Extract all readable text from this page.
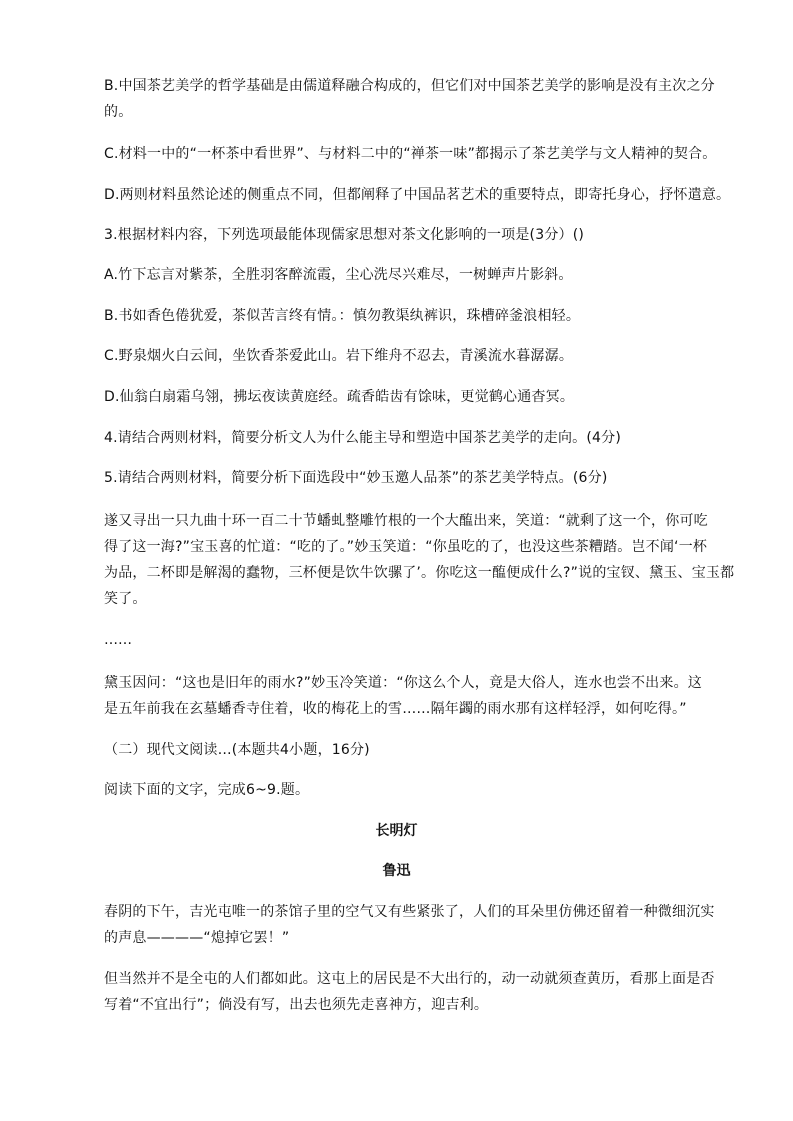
B.中国茶艺美学的哲学基础是由儒道释融合构成的，但它们对中国茶艺美学的影响是没有主次之分
的。
C.材料一中的“一杯茶中看世界”、与材料二中的“禅茶一味”都揭示了茶艺美学与文人精神的契合。
D.两则材料虽然论述的侧重点不同，但都阐释了中国品茗艺术的重要特点，即寄托身心，抒怀遣意。
3.根据材料内容，下列选项最能体现儒家思想对茶文化影响的一项是(3分）()
A.竹下忘言对紫茶，全胜羽客醉流霞，尘心洗尽兴难尽，一树蝉声片影斜。
B.书如香色倦犹爱，茶似苦言终有情。：慎勿教渠纨裤识，珠槽碎釜浪相轻。
C.野泉烟火白云间，坐饮香茶爱此山。岩下维舟不忍去，青溪流水暮潺潺。
D.仙翁白扇霜乌翎，拂坛夜读黄庭经。疏香皓齿有馀味，更觉鹤心通杳冥。
4.请结合两则材料，简要分析文人为什么能主导和塑造中国茶艺美学的走向。(4分)
5.请结合两则材料，简要分析下面选段中“妙玉邀人品茶”的茶艺美学特点。(6分)
遂又寻出一只九曲十环一百二十节蟠虬整雕竹根的一个大醢出来，笑道：“就剩了这一个，你可吃
得了这一海?”宝玉喜的忙道：“吃的了。”妙玉笑道：“你虽吃的了，也没这些茶糟踏。岂不闻‘一杯
为品，二杯即是解渴的蠢物，三杯便是饮牛饮骡了’。你吃这一醢便成什么?”说的宝钗、黛玉、宝玉都
笑了。
……
黛玉因问：“这也是旧年的雨水?”妙玉冷笑道：“你这么个人，竟是大俗人，连水也尝不出来。这
是五年前我在玄墓蟠香寺住着，收的梅花上的雪……隔年蠲的雨水那有这样轻浮，如何吃得。”
（二）现代文阅读…(本题共4小题，16分)
阅读下面的文字，完成6~9.题。
长明灯
鲁迅
春阴的下午，吉光屯唯一的茶馆子里的空气又有些紧张了，人们的耳朵里仿佛还留着一种微细沉实
的声息————“熄掉它罢！”
但当然并不是全屯的人们都如此。这屯上的居民是不大出行的，动一动就须查黄历，看那上面是否
写着“不宜出行”；倘没有写，出去也须先走喜神方，迎吉利。
